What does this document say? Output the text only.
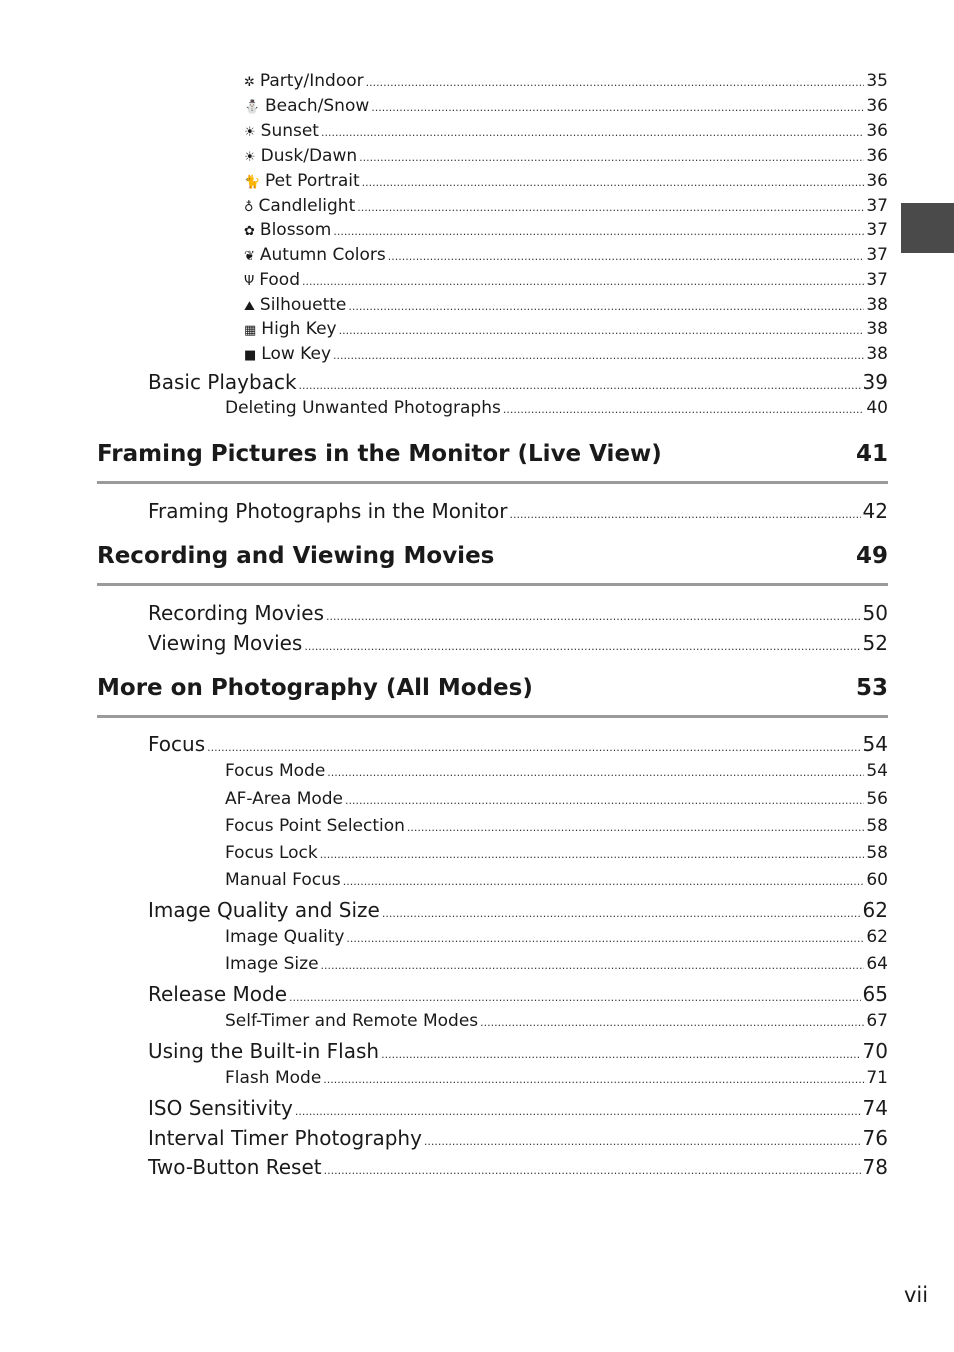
✲ Party/Indoor .....	35
⛄ Beach/Snow .....	36
☀ Sunset .....	36
☀ Dusk/Dawn .....	36
🐈 Pet Portrait .....	36
♁ Candlelight .....	37
✿ Blossom .....	37
❦ Autumn Colors .....	37
Ψ Food .....	37
⛰ Silhouette .....	38
▦ High Key .....	38
■ Low Key .....	38
Basic Playback .....	39
Deleting Unwanted Photographs .....	40
Framing Pictures in the Monitor (Live View)	41
Framing Photographs in the Monitor .....	42
Recording and Viewing Movies	49
Recording Movies .....	50
Viewing Movies .....	52
More on Photography (All Modes)	53
Focus .....	54
Focus Mode .....	54
AF-Area Mode .....	56
Focus Point Selection .....	58
Focus Lock .....	58
Manual Focus .....	60
Image Quality and Size .....	62
Image Quality .....	62
Image Size .....	64
Release Mode .....	65
Self-Timer and Remote Modes .....	67
Using the Built-in Flash .....	70
Flash Mode .....	71
ISO Sensitivity .....	74
Interval Timer Photography .....	76
Two-Button Reset .....	78
vii
